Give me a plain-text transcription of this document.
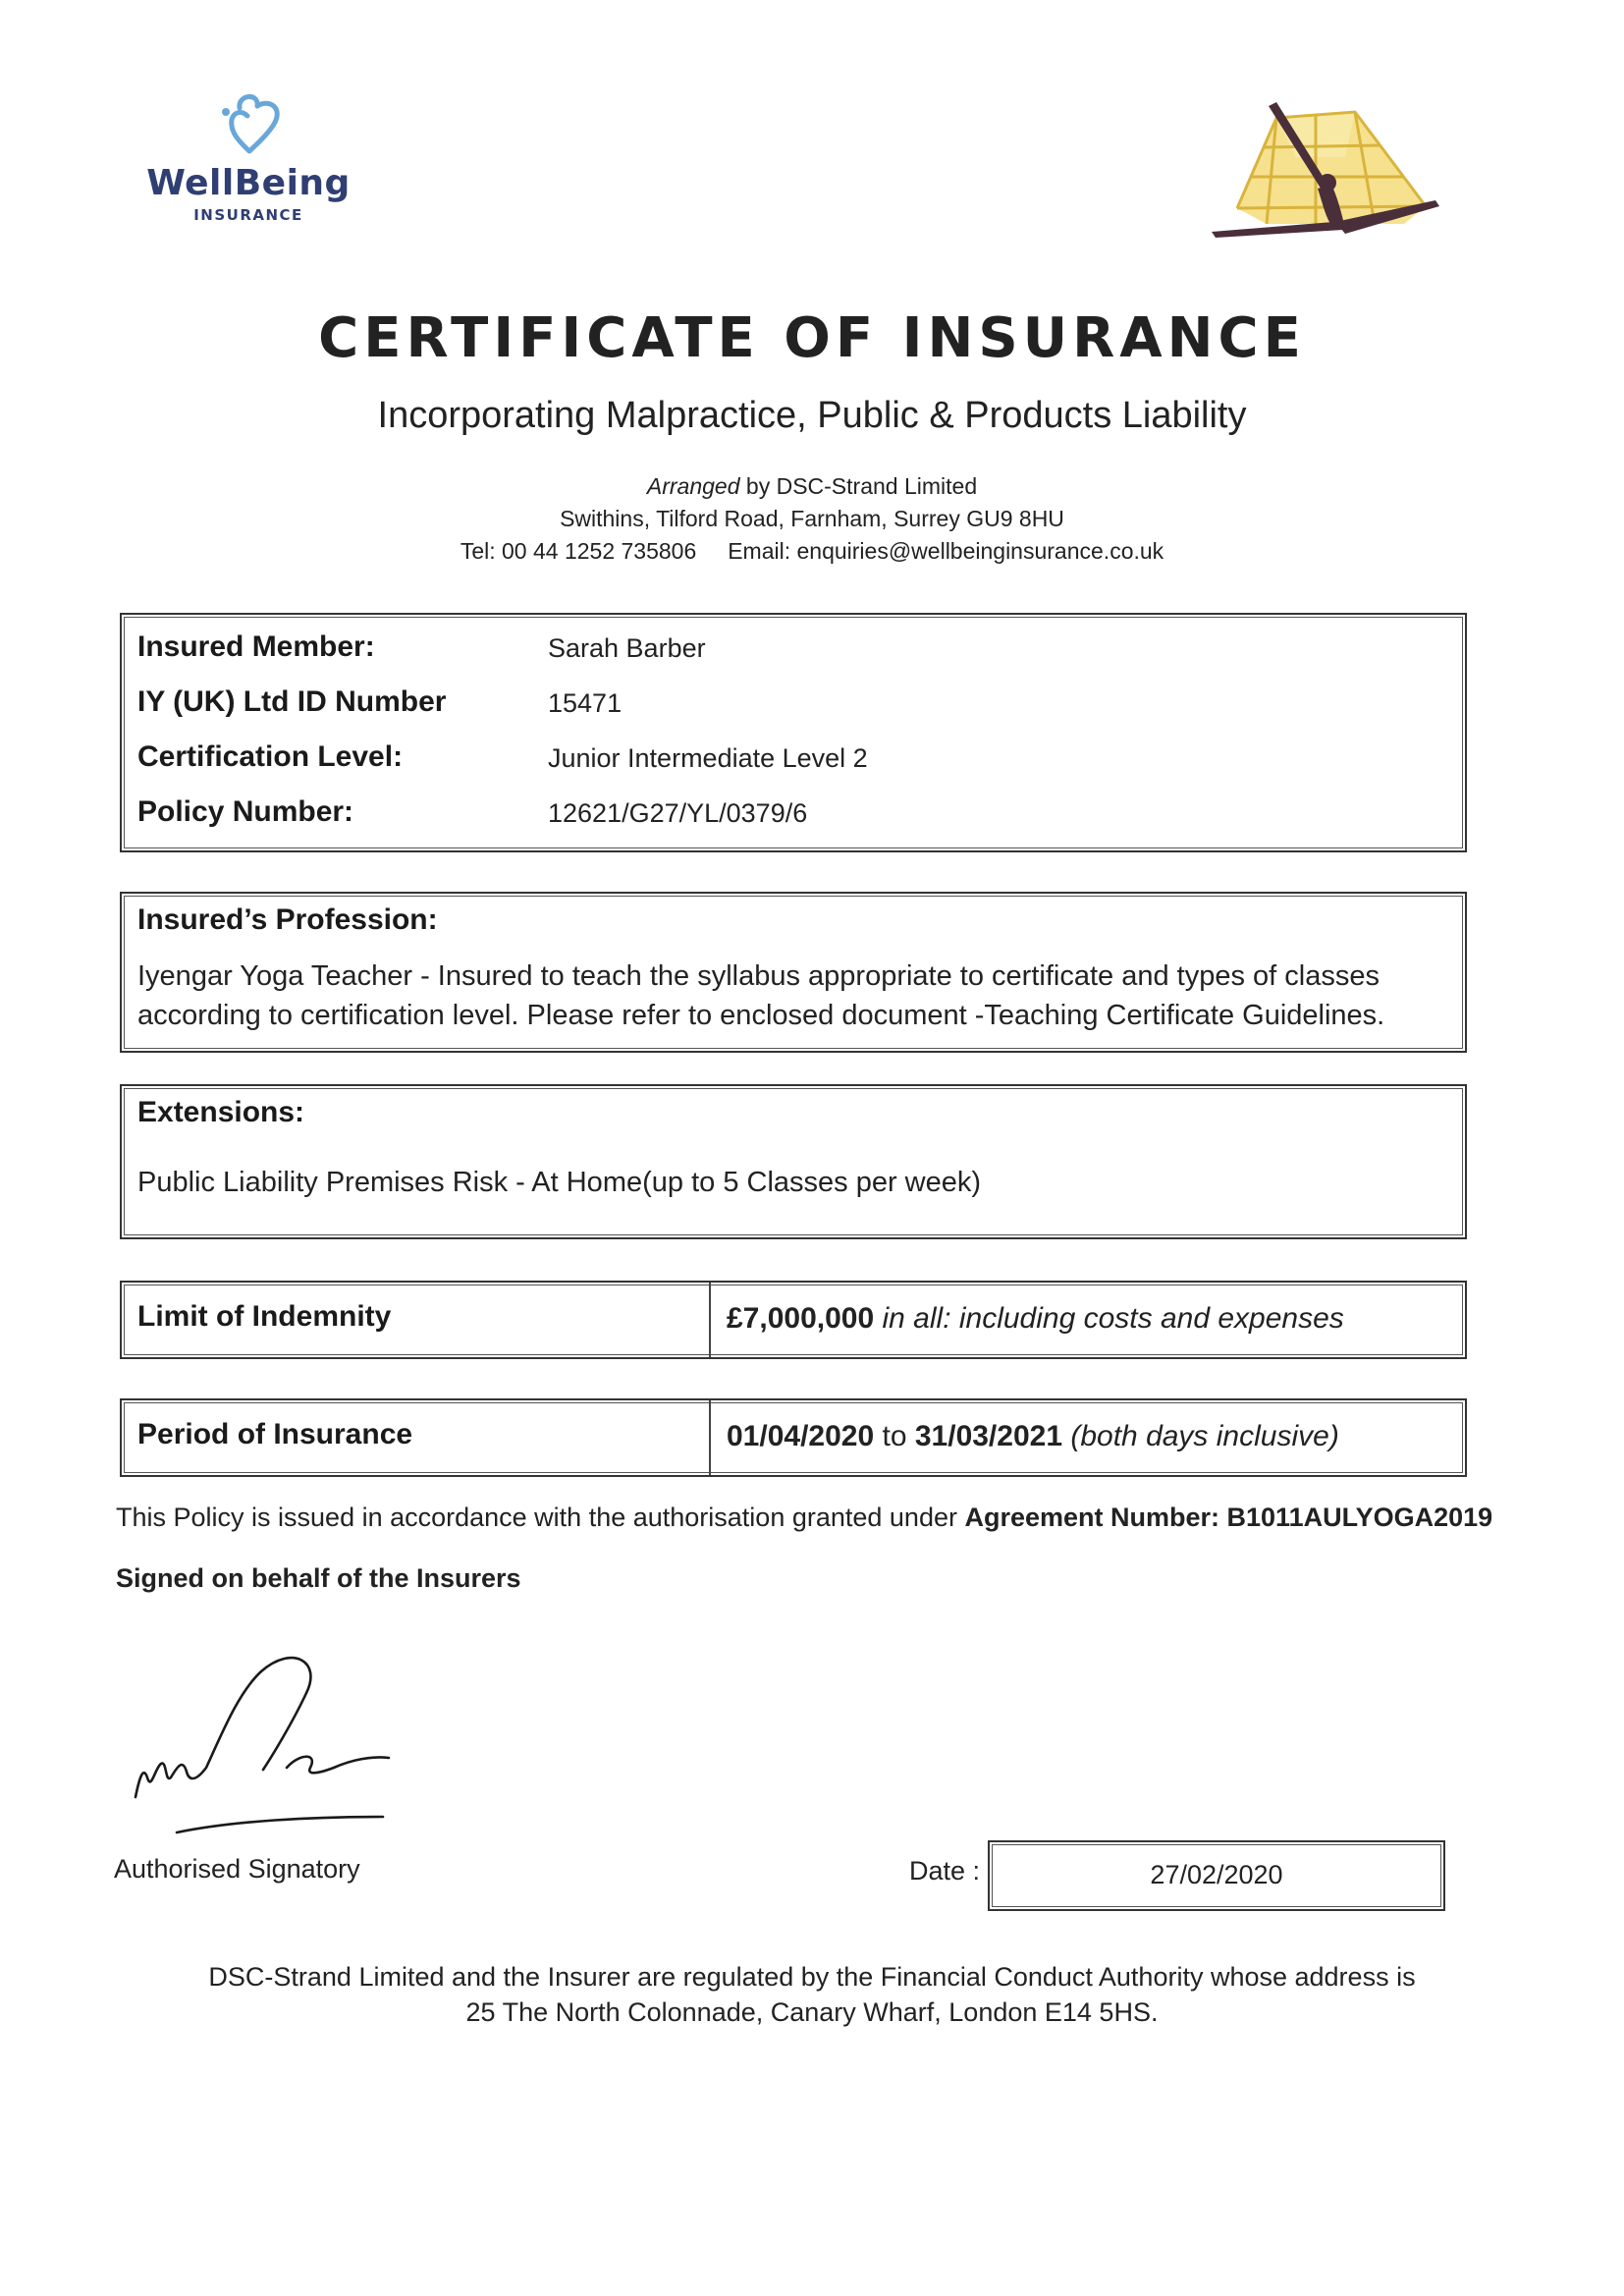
WellBeing
INSURANCE
CERTIFICATE OF INSURANCE
Incorporating Malpractice, Public & Products Liability
Arranged by DSC-Strand Limited
Swithins, Tilford Road, Farnham, Surrey GU9 8HU
Tel: 00 44 1252 735806 Email: enquiries@wellbeinginsurance.co.uk
Insured Member:	Sarah Barber
IY (UK) Ltd ID Number	15471
Certification Level:	Junior Intermediate Level 2
Policy Number:	12621/G27/YL/0379/6
Insured’s Profession:
Iyengar Yoga Teacher - Insured to teach the syllabus appropriate to certificate and types of classes according to certification level. Please refer to enclosed document -Teaching Certificate Guidelines.
Extensions:
Public Liability Premises Risk - At Home(up to 5 Classes per week)
Limit of Indemnity	£7,000,000 in all: including costs and expenses
Period of Insurance	01/04/2020 to 31/03/2021 (both days inclusive)
This Policy is issued in accordance with the authorisation granted under Agreement Number: B1011AULYOGA2019
Signed on behalf of the Insurers
Authorised Signatory	Date :	27/02/2020
DSC-Strand Limited and the Insurer are regulated by the Financial Conduct Authority whose address is
25 The North Colonnade, Canary Wharf, London E14 5HS.
